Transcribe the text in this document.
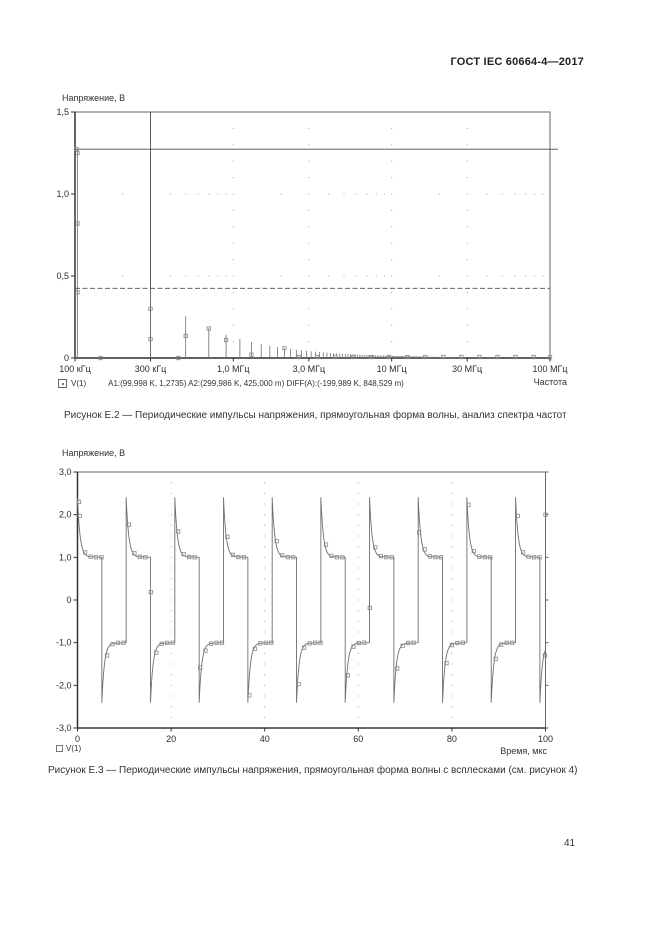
ГОСТ IEC 60664-4—2017
100 кГц	300 кГц	1,0 МГц	3,0 МГц	10 МГц	30 МГц	100 МГц
0
0,5
1,0
1,5
0	20	40	60	80	100
3,0
2,0
1,0
0
-1,0
-2,0
-3,0
Напряжение, В
Частота
V(1)	A1:(99,998 K, 1,2735) A2:(299,986 K, 425,000 m) DIFF(A):(-199,989 K, 848,529 m)
Рисунок Е.2 — Периодические импульсы напряжения, прямоугольная форма волны, анализ спектра частот
Напряжение, В
Время, мкс
V(1)
Рисунок Е.3 — Периодические импульсы напряжения, прямоугольная форма волны с всплесками (см. рисунок 4)
41
